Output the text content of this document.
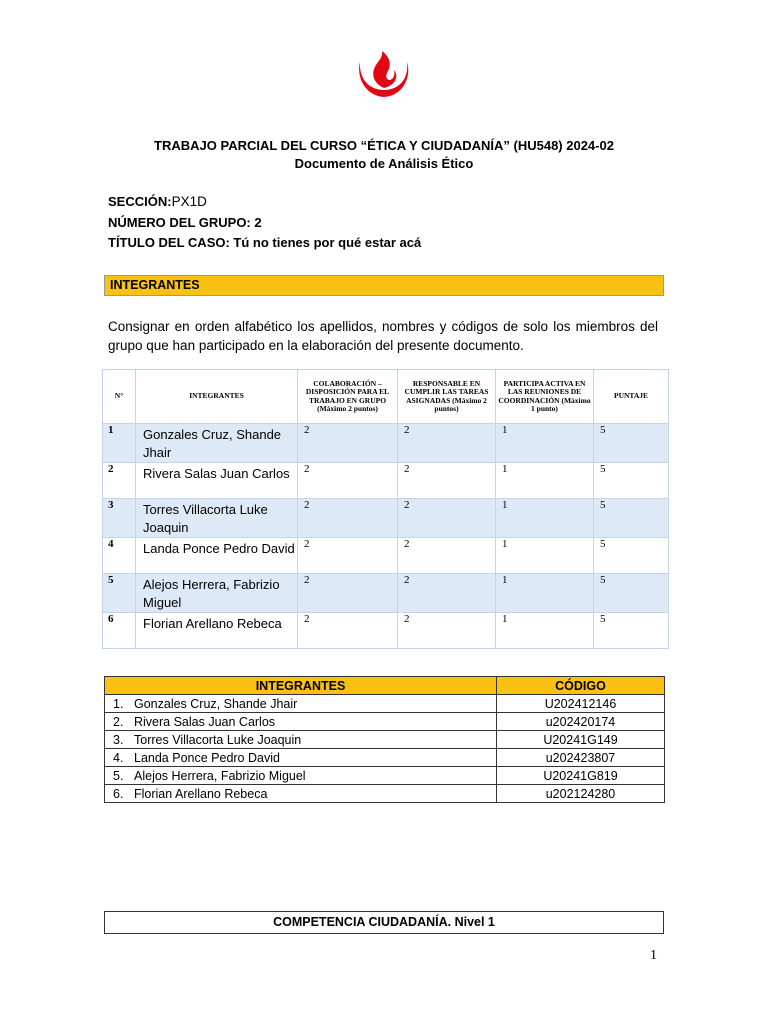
TRABAJO PARCIAL DEL CURSO “ÉTICA Y CIUDADANÍA” (HU548) 2024-02
Documento de Análisis Ético
SECCIÓN:PX1D
NÚMERO DEL GRUPO: 2
TÍTULO DEL CASO: Tú no tienes por qué estar acá
INTEGRANTES

Consignar en orden alfabético los apellidos, nombres y códigos de solo los miembros del grupo que han participado en la elaboración del presente documento.

N°	INTEGRANTES	COLABORACIÓN – DISPOSICIÓN PARA EL TRABAJO EN GRUPO (Máximo 2 puntos)	RESPONSABLE EN CUMPLIR LAS TAREAS ASIGNADAS (Máximo 2 puntos)	PARTICIPA ACTIVA EN LAS REUNIONES DE COORDINACIÓN (Máximo 1 punto)	PUNTAJE
1	Gonzales Cruz, Shande Jhair	2	2	1	5
2	Rivera Salas Juan Carlos	2	2	1	5
3	Torres Villacorta Luke Joaquin	2	2	1	5
4	Landa Ponce Pedro David	2	2	1	5
5	Alejos Herrera, Fabrizio Miguel	2	2	1	5
6	Florian Arellano Rebeca	2	2	1	5
INTEGRANTES	CÓDIGO
1. Gonzales Cruz, Shande Jhair	U202412146
2. Rivera Salas Juan Carlos	u202420174
3. Torres Villacorta Luke Joaquin	U20241G149
4. Landa Ponce Pedro David	u202423807
5. Alejos Herrera, Fabrizio Miguel	U20241G819
6. Florian Arellano Rebeca	u202124280
COMPETENCIA CIUDADANÍA. Nivel 1
1
